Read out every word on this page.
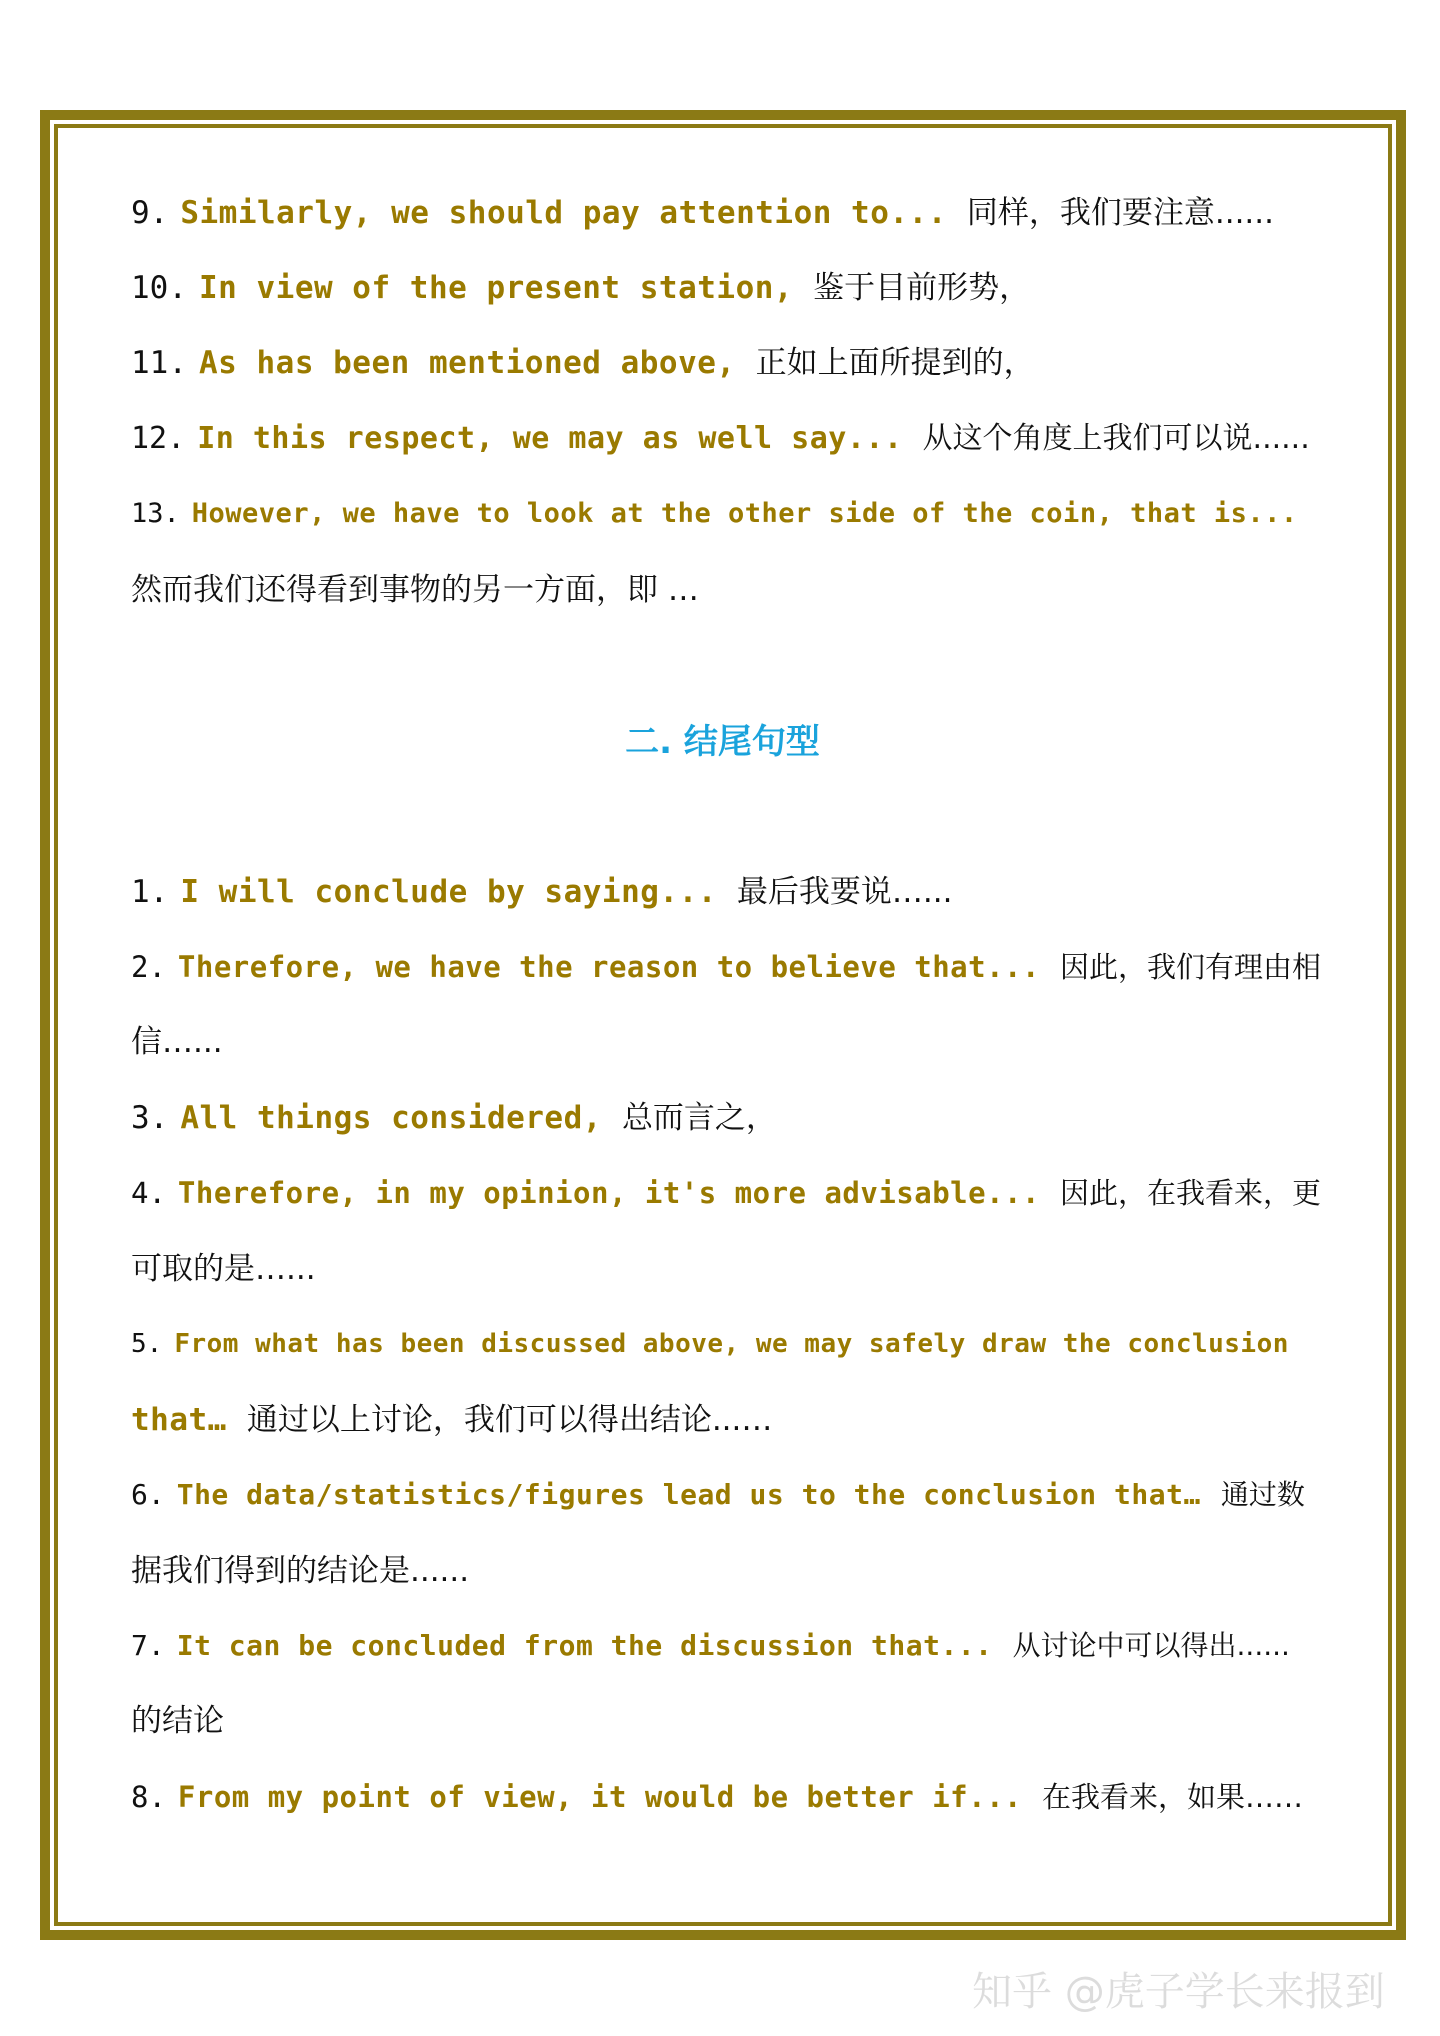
9. Similarly, we should pay attention to... 同样，我们要注意......
10. In view of the present station, 鉴于目前形势，
11. As has been mentioned above, 正如上面所提到的，
12. In this respect, we may as well say... 从这个角度上我们可以说......
13. However, we have to look at the other side of the coin, that is...
然而我们还得看到事物的另一方面，即 …
二. 结尾句型
1. I will conclude by saying... 最后我要说…...
2. Therefore, we have the reason to believe that... 因此，我们有理由相
信…...
3. All things considered, 总而言之，
4. Therefore, in my opinion, it's more advisable... 因此，在我看来，更
可取的是…...
5. From what has been discussed above, we may safely draw the conclusion
that… 通过以上讨论，我们可以得出结论...…
6. The data/statistics/figures lead us to the conclusion that… 通过数
据我们得到的结论是......
7. It can be concluded from the discussion that... 从讨论中可以得出......
的结论
8. From my point of view, it would be better if... 在我看来，如果……
知乎 @虎子学长来报到
